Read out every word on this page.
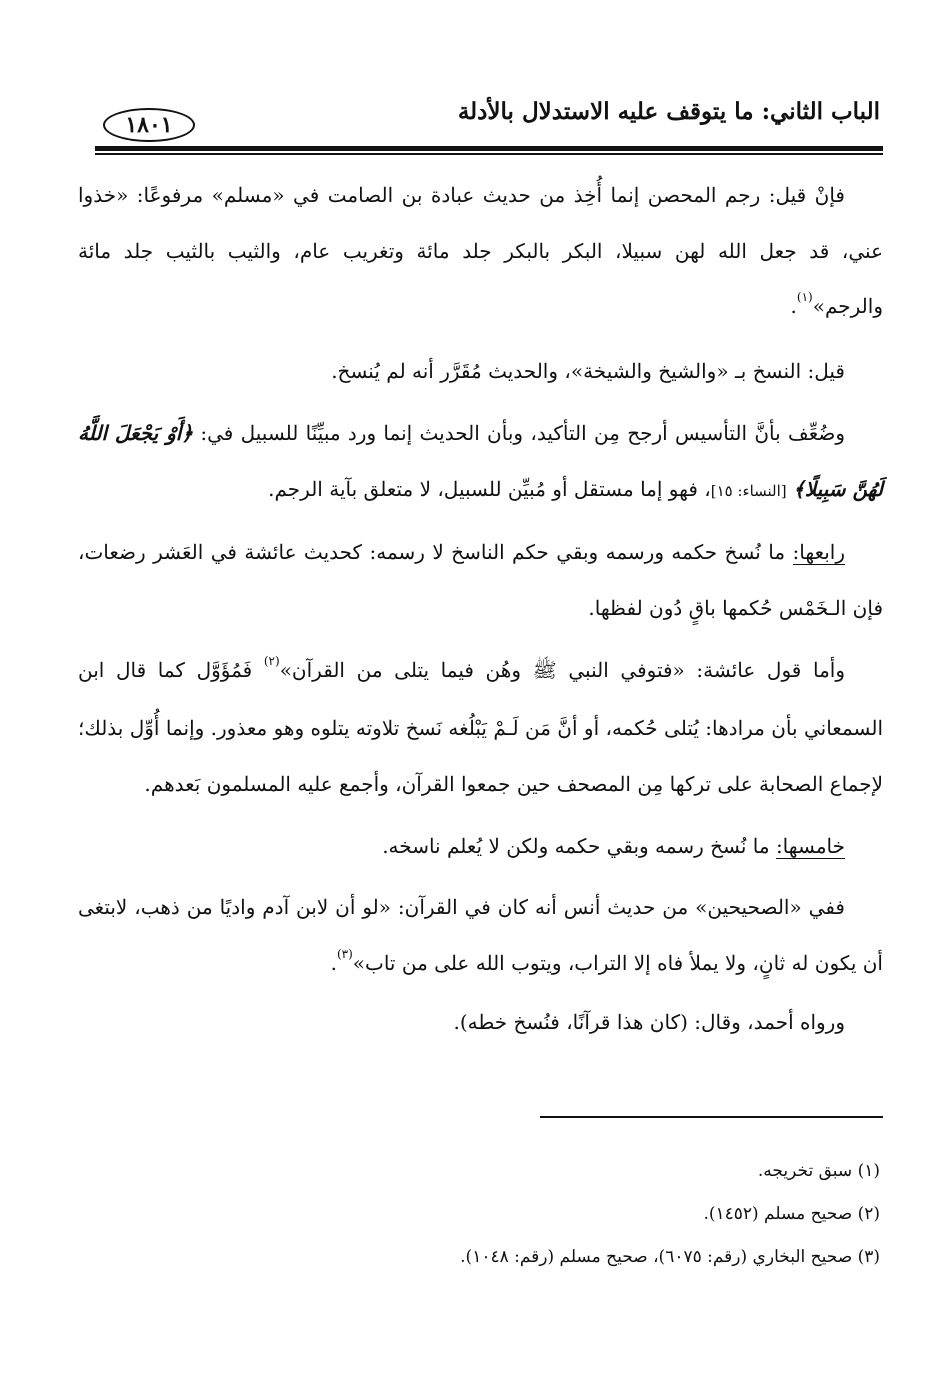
الباب الثاني: ما يتوقف عليه الاستدلال بالأدلة
١٨٠١

فإنْ قيل: رجم المحصن إنما أُخِذ من حديث عبادة بن الصامت في «مسلم» مرفوعًا: «خذوا عني، قد جعل الله لهن سبيلا، البكر بالبكر جلد مائة وتغريب عام، والثيب بالثيب جلد مائة والرجم»$^{(١)}$.

قيل: النسخ بـ «والشيخ والشيخة»، والحديث مُقَرَّر أنه لم يُنسخ.

وضُعِّف بأنَّ التأسيس أرجح مِن التأكيد، وبأن الحديث إنما ورد مبيِّنًا للسبيل في: ﴿أَوْ يَجْعَلَ اللَّهُ لَهُنَّ سَبِيلًا﴾ [النساء: ١٥]، فهو إما مستقل أو مُبيِّن للسبيل، لا متعلق بآية الرجم.

رابعها: ما نُسخ حكمه ورسمه وبقي حكم الناسخ لا رسمه: كحديث عائشة في العَشر رضعات، فإن الـخَمْس حُكمها باقٍ دُون لفظها.

وأما قول عائشة: «فتوفي النبي ﷺ وهُن فيما يتلى من القرآن»$^{(٢)}$ فَمُؤَوَّل كما قال ابن السمعاني بأن مرادها: يُتلى حُكمه، أو أنَّ مَن لَـمْ يَبْلُغه نَسخ تلاوته يتلوه وهو معذور. وإنما أُوِّل بذلك؛ لإجماع الصحابة على تركها مِن المصحف حين جمعوا القرآن، وأجمع عليه المسلمون بَعدهم.

خامسها: ما نُسخ رسمه وبقي حكمه ولكن لا يُعلم ناسخه.

ففي «الصحيحين» من حديث أنس أنه كان في القرآن: «لو أن لابن آدم واديًا من ذهب، لابتغى أن يكون له ثانٍ، ولا يملأ فاه إلا التراب، ويتوب الله على من تاب»$^{(٣)}$.

ورواه أحمد، وقال: (كان هذا قرآنًا، فنُسخ خطه).

(١) سبق تخريجه.
(٢) صحيح مسلم (١٤٥٢).
(٣) صحيح البخاري (رقم: ٦٠٧٥)، صحيح مسلم (رقم: ١٠٤٨).
